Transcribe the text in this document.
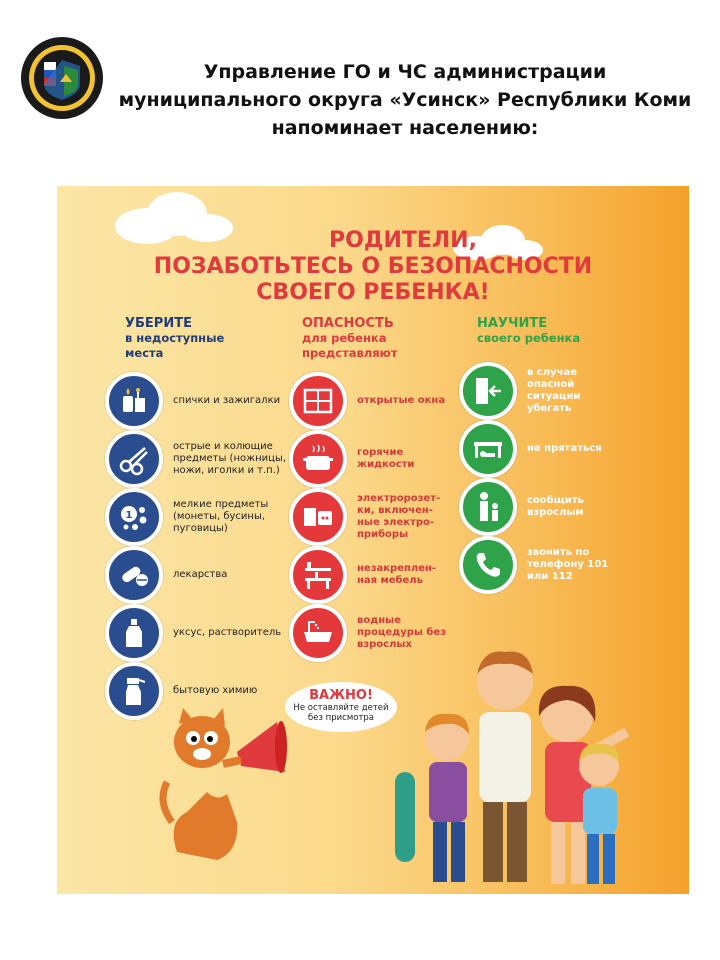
Управление ГО и ЧС администрации
муниципального округа «Усинск» Республики Коми
напоминает населению:
РОДИТЕЛИ,
ПОЗАБОТЬТЕСЬ О БЕЗОПАСНОСТИ
СВОЕГО РЕБЕНКА!
УБЕРИТЕ
в недоступные
места
ОПАСНОСТЬ
для ребенка
представляют
НАУЧИТЕ
своего ребенка
спички и зажигалки
острые и колющие предметы (ножницы, ножи, иголки и т.п.)
1
мелкие предметы (монеты, бусины, пуговицы)
лекарства
уксус, растворитель
бытовую химию
открытые окна
горячие жидкости
электророзет- ки, включен- ные электро- приборы
незакреплен- ная мебель
водные процедуры без взрослых
в случае опасной ситуации убегать
не прятаться
сообщить взрослым
звонить по телефону 101 или 112
ВАЖНО!
Не оставляйте детей без присмотра
